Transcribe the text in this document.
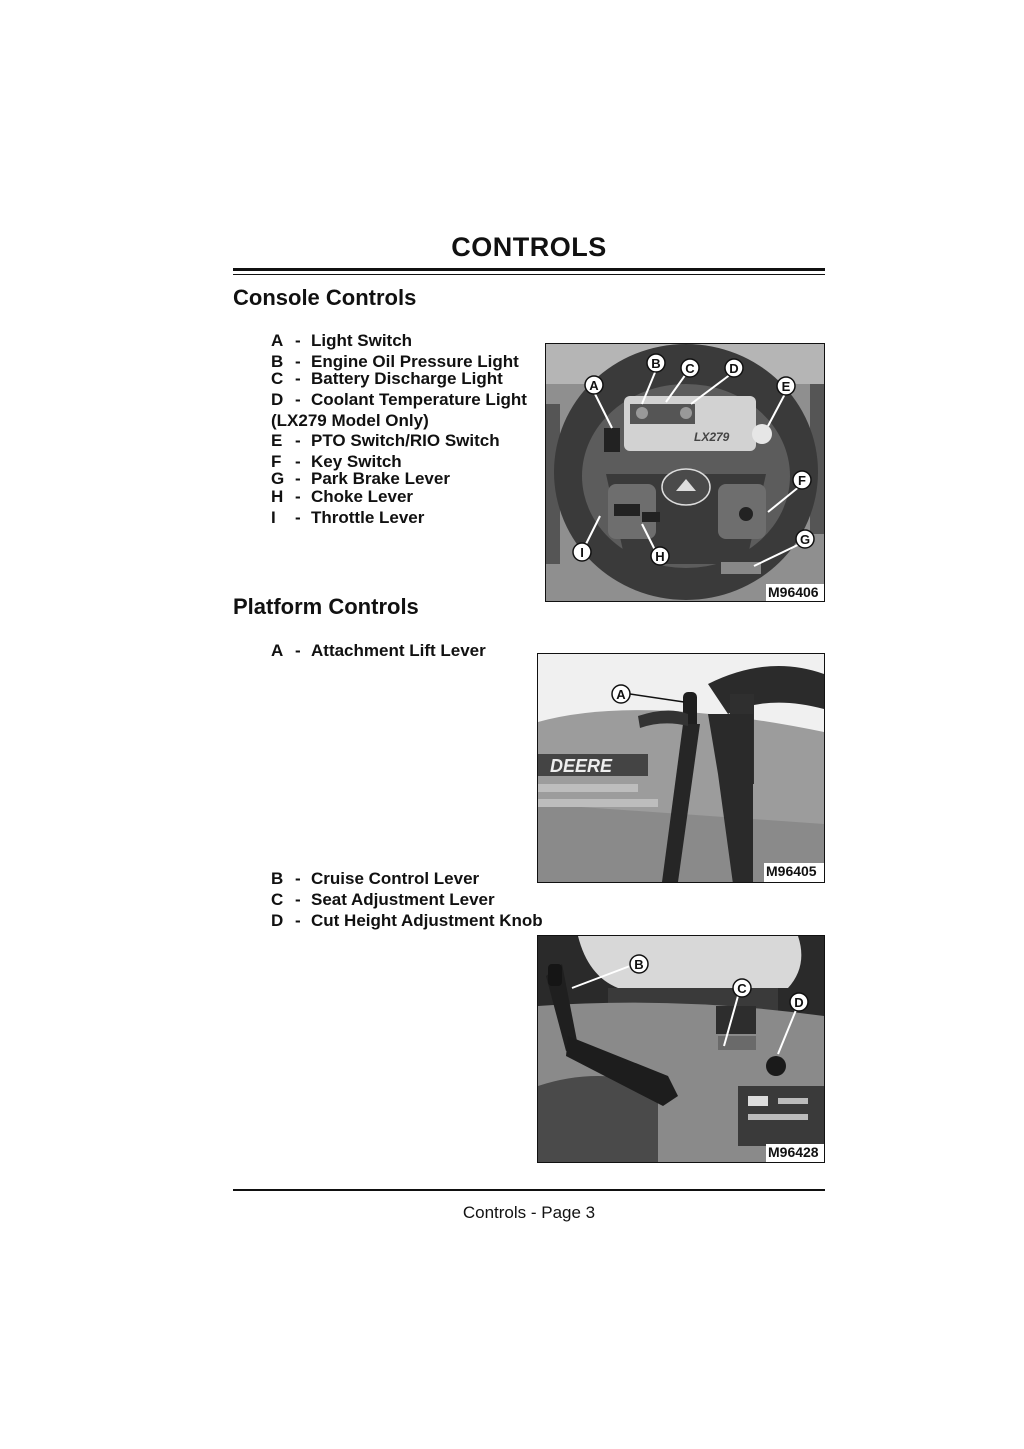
CONTROLS
Console Controls
A - Light Switch
B - Engine Oil Pressure Light
C - Battery Discharge Light
D - Coolant Temperature Light
(LX279 Model Only)
E - PTO Switch/RIO Switch
F - Key Switch
G - Park Brake Lever
H - Choke Lever
I - Throttle Lever
LX279
A
B C	D
E
F
G
H
I
M96406
Platform Controls
A - Attachment Lift Lever
DEERE
A
M96405
B - Cruise Control Lever
C - Seat Adjustment Lever
D - Cut Height Adjustment Knob
B
C
D
M96428
Controls - Page 3
